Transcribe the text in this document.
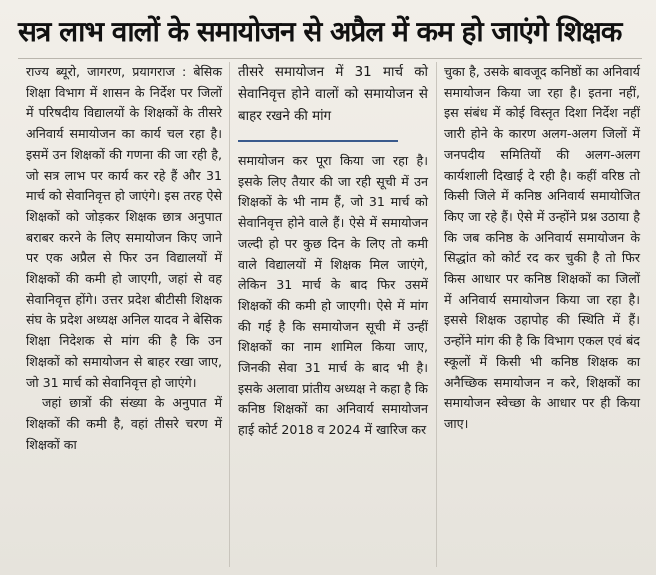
सत्र लाभ वालों के समायोजन से अप्रैल में कम हो जाएंगे शिक्षक

राज्य ब्यूरो, जागरण, प्रयागराज : बेसिक शिक्षा विभाग में शासन के निर्देश पर जिलों में परिषदीय विद्यालयों के शिक्षकों के तीसरे अनिवार्य समायोजन का कार्य चल रहा है। इसमें उन शिक्षकों की गणना की जा रही है, जो सत्र लाभ पर कार्य कर रहे हैं और 31 मार्च को सेवानिवृत्त हो जाएंगे। इस तरह ऐसे शिक्षकों को जोड़कर शिक्षक छात्र अनुपात बराबर करने के लिए समायोजन किए जाने पर एक अप्रैल से फिर उन विद्यालयों में शिक्षकों की कमी हो जाएगी, जहां से वह सेवानिवृत्त होंगे। उत्तर प्रदेश बीटीसी शिक्षक संघ के प्रदेश अध्यक्ष अनिल यादव ने बेसिक शिक्षा निदेशक से मांग की है कि उन शिक्षकों को समायोजन से बाहर रखा जाए, जो 31 मार्च को सेवानिवृत्त हो जाएंगे।

जहां छात्रों की संख्या के अनुपात में शिक्षकों की कमी है, वहां तीसरे चरण में शिक्षकों का

तीसरे समायोजन में 31 मार्च को सेवानिवृत्त होने वालों को समायोजन से बाहर रखने की मांग

समायोजन कर पूरा किया जा रहा है। इसके लिए तैयार की जा रही सूची में उन शिक्षकों के भी नाम हैं, जो 31 मार्च को सेवानिवृत्त होने वाले हैं। ऐसे में समायोजन जल्दी हो पर कुछ दिन के लिए तो कमी वाले विद्यालयों में शिक्षक मिल जाएंगे, लेकिन 31 मार्च के बाद फिर उसमें शिक्षकों की कमी हो जाएगी। ऐसे में मांग की गई है कि समायोजन सूची में उन्हीं शिक्षकों का नाम शामिल किया जाए, जिनकी सेवा 31 मार्च के बाद भी है। इसके अलावा प्रांतीय अध्यक्ष ने कहा है कि कनिष्ठ शिक्षकों का अनिवार्य समायोजन हाई कोर्ट 2018 व 2024 में खारिज कर

चुका है, उसके बावजूद कनिष्ठों का अनिवार्य समायोजन किया जा रहा है। इतना नहीं, इस संबंध में कोई विस्तृत दिशा निर्देश नहीं जारी होने के कारण अलग-अलग जिलों में जनपदीय समितियों की अलग-अलग कार्यशाली दिखाई दे रही है। कहीं वरिष्ठ तो किसी जिले में कनिष्ठ अनिवार्य समायोजित किए जा रहे हैं। ऐसे में उन्होंने प्रश्न उठाया है कि जब कनिष्ठ के अनिवार्य समायोजन के सिद्धांत को कोर्ट रद कर चुकी है तो फिर किस आधार पर कनिष्ठ शिक्षकों का जिलों में अनिवार्य समायोजन किया जा रहा है। इससे शिक्षक उहापोह की स्थिति में हैं। उन्होंने मांग की है कि विभाग एकल एवं बंद स्कूलों में किसी भी कनिष्ठ शिक्षक का अनैच्छिक समायोजन न करे, शिक्षकों का समायोजन स्वेच्छा के आधार पर ही किया जाए।
